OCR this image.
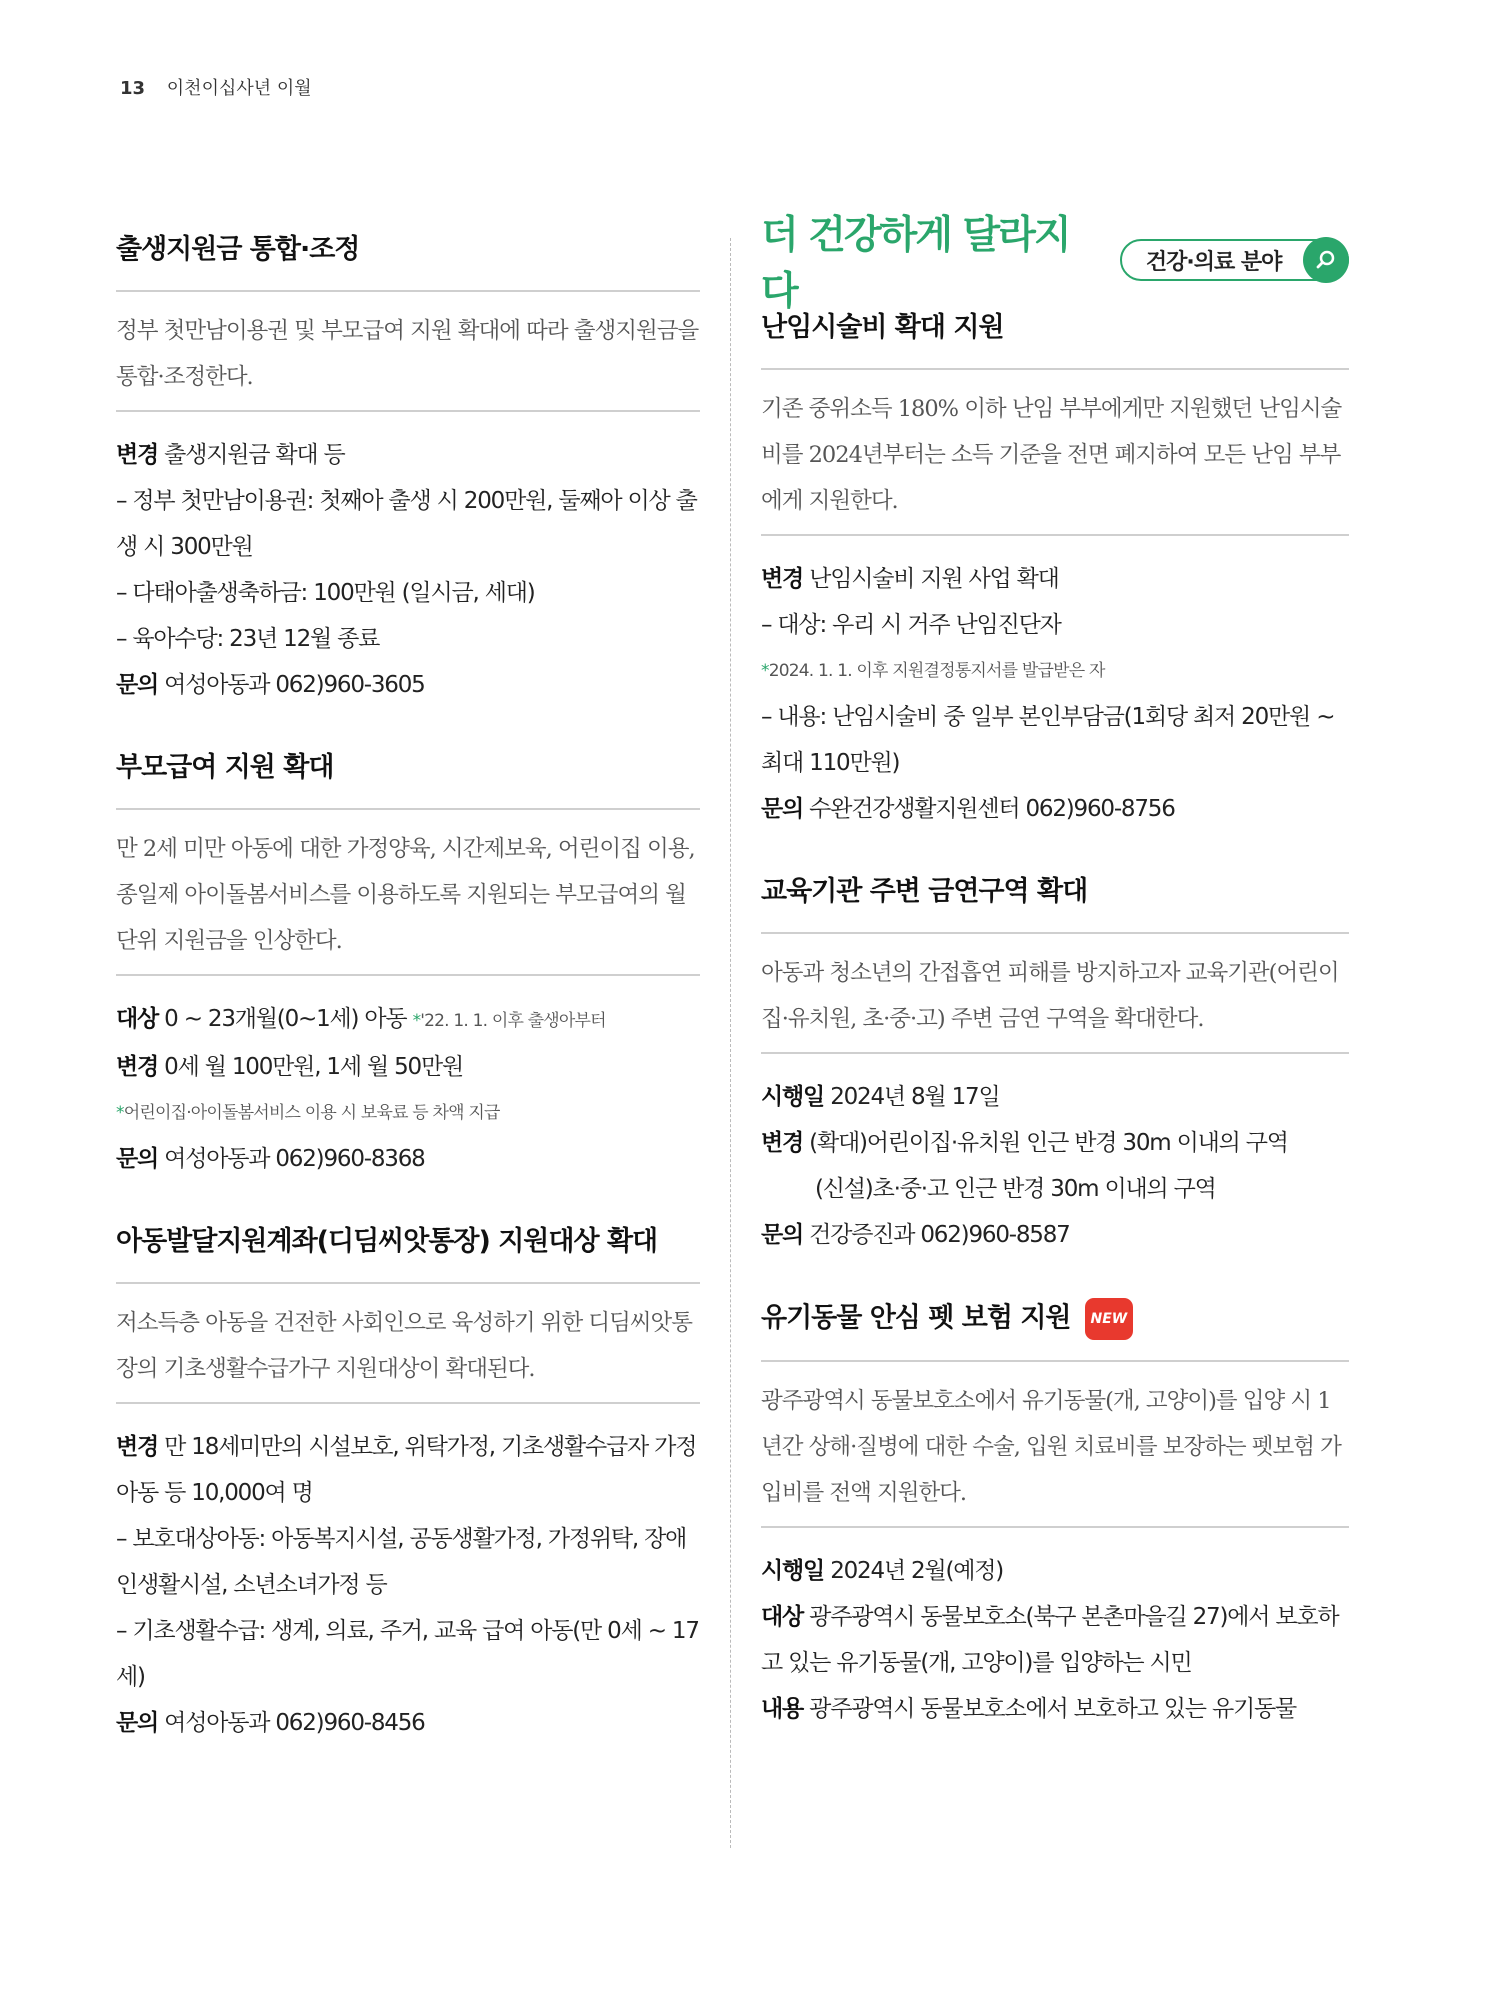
13 이천이십사년 이월
출생지원금 통합·조정
정부 첫만남이용권 및 부모급여 지원 확대에 따라 출생지원금을 통합·조정한다.
변경 출생지원금 확대 등
– 정부 첫만남이용권: 첫째아 출생 시 200만원, 둘째아 이상 출생 시 300만원
– 다태아출생축하금: 100만원 (일시금, 세대)
– 육아수당: 23년 12월 종료
문의 여성아동과 062)960-3605
부모급여 지원 확대
만 2세 미만 아동에 대한 가정양육, 시간제보육, 어린이집 이용, 종일제 아이돌봄서비스를 이용하도록 지원되는 부모급여의 월 단위 지원금을 인상한다.
대상 0 ~ 23개월(0~1세) 아동 *'22. 1. 1. 이후 출생아부터
변경 0세 월 100만원, 1세 월 50만원
*어린이집·아이돌봄서비스 이용 시 보육료 등 차액 지급
문의 여성아동과 062)960-8368
아동발달지원계좌(디딤씨앗통장) 지원대상 확대
저소득층 아동을 건전한 사회인으로 육성하기 위한 디딤씨앗통장의 기초생활수급가구 지원대상이 확대된다.
변경 만 18세미만의 시설보호, 위탁가정, 기초생활수급자 가정 아동 등 10,000여 명
– 보호대상아동: 아동복지시설, 공동생활가정, 가정위탁, 장애인생활시설, 소년소녀가정 등
– 기초생활수급: 생계, 의료, 주거, 교육 급여 아동(만 0세 ~ 17세)
문의 여성아동과 062)960-8456
더 건강하게 달라지다
건강·의료 분야
난임시술비 확대 지원
기존 중위소득 180% 이하 난임 부부에게만 지원했던 난임시술비를 2024년부터는 소득 기준을 전면 폐지하여 모든 난임 부부에게 지원한다.
변경 난임시술비 지원 사업 확대
– 대상: 우리 시 거주 난임진단자
*2024. 1. 1. 이후 지원결정통지서를 발급받은 자
– 내용: 난임시술비 중 일부 본인부담금(1회당 최저 20만원 ~ 최대 110만원)
문의 수완건강생활지원센터 062)960-8756
교육기관 주변 금연구역 확대
아동과 청소년의 간접흡연 피해를 방지하고자 교육기관(어린이집·유치원, 초·중·고) 주변 금연 구역을 확대한다.
시행일 2024년 8월 17일
변경 (확대)어린이집·유치원 인근 반경 30m 이내의 구역
(신설)초·중·고 인근 반경 30m 이내의 구역
문의 건강증진과 062)960-8587
유기동물 안심 펫 보험 지원 NEW
광주광역시 동물보호소에서 유기동물(개, 고양이)를 입양 시 1년간 상해·질병에 대한 수술, 입원 치료비를 보장하는 펫보험 가입비를 전액 지원한다.
시행일 2024년 2월(예정)
대상 광주광역시 동물보호소(북구 본촌마을길 27)에서 보호하고 있는 유기동물(개, 고양이)를 입양하는 시민
내용 광주광역시 동물보호소에서 보호하고 있는 유기동물
